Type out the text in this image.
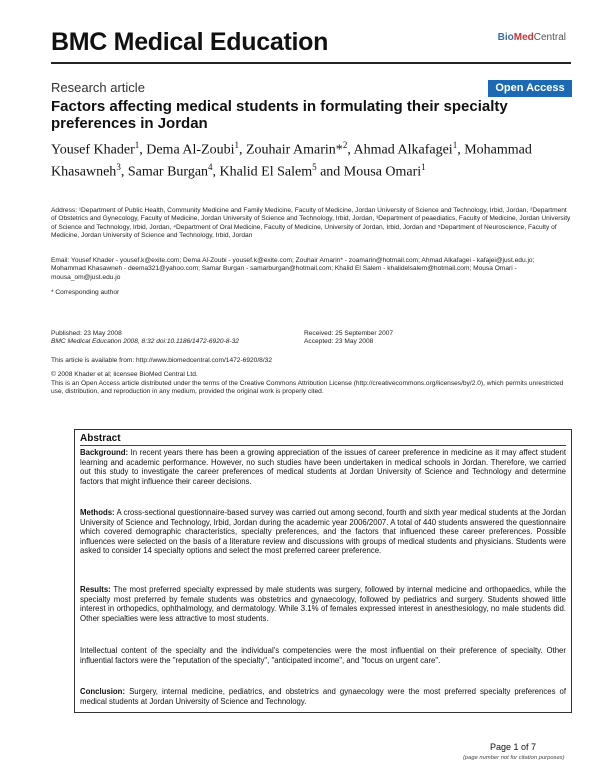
BMC Medical Education	BioMedCentral
Research article	Open Access
Factors affecting medical students in formulating their specialty preferences in Jordan
Yousef Khader$^1$, Dema Al-Zoubi$^1$, Zouhair Amarin*$^2$, Ahmad Alkafagei$^1$, Mohammad Khasawneh$^3$, Samar Burgan$^4$, Khalid El Salem$^5$ and Mousa Omari$^1$
Address: ¹Department of Public Health, Community Medicine and Family Medicine, Faculty of Medicine, Jordan University of Science and Technology, Irbid, Jordan, ²Department of Obstetrics and Gynecology, Faculty of Medicine, Jordan University of Science and Technology, Irbid, Jordan, ³Department of peaediatics, Faculty of Medicine, Jordan University of Science and Technology, Irbid, Jordan, ⁴Department of Oral Medicine, Faculty of Medicine, University of Jordan, Irbid, Jordan and ⁵Department of Neuroscience, Faculty of Medicine, Jordan University of Science and Technology, Irbid, Jordan
Email: Yousef Khader - yousef.k@exite.com; Dema Al-Zoubi - yousef.k@exite.com; Zouhair Amarin* - zoamarin@hotmail.com; Ahmad Alkafagei - kafajei@just.edu.jo; Mohammad Khasawneh - deema321@yahoo.com; Samar Burgan - samarburgan@hotmail.com; Khalid El Salem - khalidelsalem@hotmail.com; Mousa Omari - mousa_om@just.edu.jo
* Corresponding author
Published: 23 May 2008
BMC Medical Education 2008, 8:32 doi:10.1186/1472-6920-8-32
Received: 25 September 2007
Accepted: 23 May 2008
This article is available from: http://www.biomedcentral.com/1472-6920/8/32
© 2008 Khader et al; licensee BioMed Central Ltd.
This is an Open Access article distributed under the terms of the Creative Commons Attribution License (http://creativecommons.org/licenses/by/2.0), which permits unrestricted use, distribution, and reproduction in any medium, provided the original work is properly cited.
Abstract
Background: In recent years there has been a growing appreciation of the issues of career preference in medicine as it may affect student learning and academic performance. However, no such studies have been undertaken in medical schools in Jordan. Therefore, we carried out this study to investigate the career preferences of medical students at Jordan University of Science and Technology and determine factors that might influence their career decisions.
Methods: A cross-sectional questionnaire-based survey was carried out among second, fourth and sixth year medical students at the Jordan University of Science and Technology, Irbid, Jordan during the academic year 2006/2007. A total of 440 students answered the questionnaire which covered demographic characteristics, specialty preferences, and the factors that influenced these career preferences. Possible influences were selected on the basis of a literature review and discussions with groups of medical students and physicians. Students were asked to consider 14 specialty options and select the most preferred career preference.
Results: The most preferred specialty expressed by male students was surgery, followed by internal medicine and orthopaedics, while the specialty most preferred by female students was obstetrics and gynaecology, followed by pediatrics and surgery. Students showed little interest in orthopedics, ophthalmology, and dermatology. While 3.1% of females expressed interest in anesthesiology, no male students did. Other specialties were less attractive to most students.
Intellectual content of the specialty and the individual's competencies were the most influential on their preference of specialty. Other influential factors were the "reputation of the specialty", "anticipated income", and "focus on urgent care".
Conclusion: Surgery, internal medicine, pediatrics, and obstetrics and gynaecology were the most preferred specialty preferences of medical students at Jordan University of Science and Technology.
Page 1 of 7
(page number not for citation purposes)
